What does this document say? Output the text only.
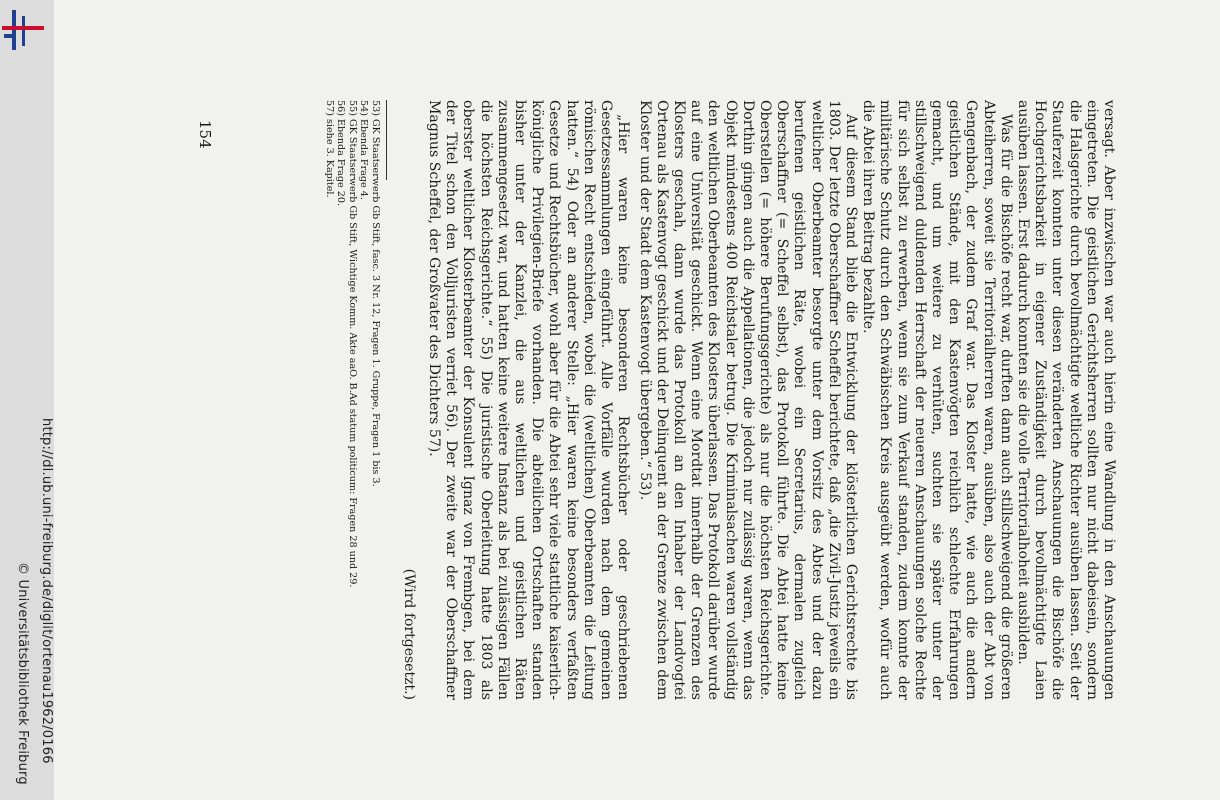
http://dl.ub.uni-freiburg.de/diglit/ortenau1962/0166
© Universitätsbibliothek Freiburg
154	versagt. Aber inzwischen war auch hierin eine Wandlung in den Anschauungen eingetreten. Die geistlichen Gerichtsherren sollten nur nicht dabeisein, sondern die Halsgerichte durch bevollmächtigte weltliche Richter ausüben lassen. Seit der Stauferzeit konnten unter diesen veränderten Anschauungen die Bischöfe die Hochgerichtsbarkeit in eigener Zuständigkeit durch bevollmächtigte Laien ausüben lassen. Erst dadurch konnten sie die volle Territorialhoheit ausbilden.

Was für die Bischöfe recht war, durften dann auch stillschweigend die größeren Abteiherren, soweit sie Territorialherren waren, ausüben, also auch der Abt von Gengenbach, der zudem Graf war. Das Kloster hatte, wie auch die andern geistlichen Stände, mit den Kastenvögten reichlich schlechte Erfahrungen gemacht, und um weitere zu verhüten, suchten sie später unter der stillschweigend duldenden Herrschaft der neueren Anschauungen solche Rechte für sich selbst zu erwerben, wenn sie zum Verkauf standen, zudem konnte der militärische Schutz durch den Schwäbischen Kreis ausgeübt werden, wofür auch die Abtei ihren Beitrag bezahlte.

Auf diesem Stand blieb die Entwicklung der klösterlichen Gerichtsrechte bis 1803. Der letzte Oberschaffner Scheffel berichtete, daß „die Zivil-Justiz jeweils ein weltlicher Oberbeamter besorgte unter dem Vorsitz des Abtes und der dazu berufenen geistlichen Räte, wobei ein Secretarius, dermalen zugleich Oberschaffner (= Scheffel selbst), das Protokoll führte. Die Abtei hatte keine Oberstellen (= höhere Berufungsgerichte) als nur die höchsten Reichsgerichte. Dorthin gingen auch die Appellationen, die jedoch nur zulässig waren, wenn das Objekt mindestens 400 Reichstaler betrug. Die Kriminalsachen waren vollständig den weltlichen Oberbeamten des Klosters überlassen. Das Protokoll darüber wurde auf eine Universität geschickt. Wenn eine Mordtat innerhalb der Grenzen des Klosters geschah, dann wurde das Protokoll an den Inhaber der Landvogtei Ortenau als Kastenvogt geschickt und der Delinquent an der Grenze zwischen dem Kloster und der Stadt dem Kastenvogt übergeben.“ 53).

„Hier waren keine besonderen Rechtsbücher oder geschriebenen Gesetzessammlungen eingeführt. Alle Vorfälle wurden nach dem gemeinen römischen Recht entschieden, wobei die (weltlichen) Oberbeamten die Leitung hatten.“ 54) Oder an anderer Stelle: „Hier waren keine besonders verfaßten Gesetze und Rechtsbücher, wohl aber für die Abtei sehr viele stattliche kaiserlich-königliche Privilegien-Briefe vorhanden. Die abteilichen Ortschaften standen bisher unter der Kanzlei, die aus weltlichen und geistlichen Räten zusammengesetzt war, und hatten keine weitere Instanz als bei zulässigen Fällen die höchsten Reichsgerichte.“ 55) Die juristische Oberleitung hatte 1803 als oberster weltlicher Klosterbeamter der Konsulent Ignaz von Frembgen, bei dem der Titel schon den Volljuristen verriet 56). Der zweite war der Oberschaffner Magnus Scheffel, der Großvater des Dichters 57).

(Wird fortgesetzt.)
53) GK Staatserwerb Gb Stift, fasc. 3 Nr. 12, Fragen 1. Gruppe, Fragen 1 bis 3.
54) Ebenda Frage 4.
55) GK Staatserwerb Gb Stift, Wichtige Komm. Akte aaO. B.Ad statum politicum: Fragen 28 und 29.
56) Ebenda Frage 20.
57) siehe 3. Kapitel.
